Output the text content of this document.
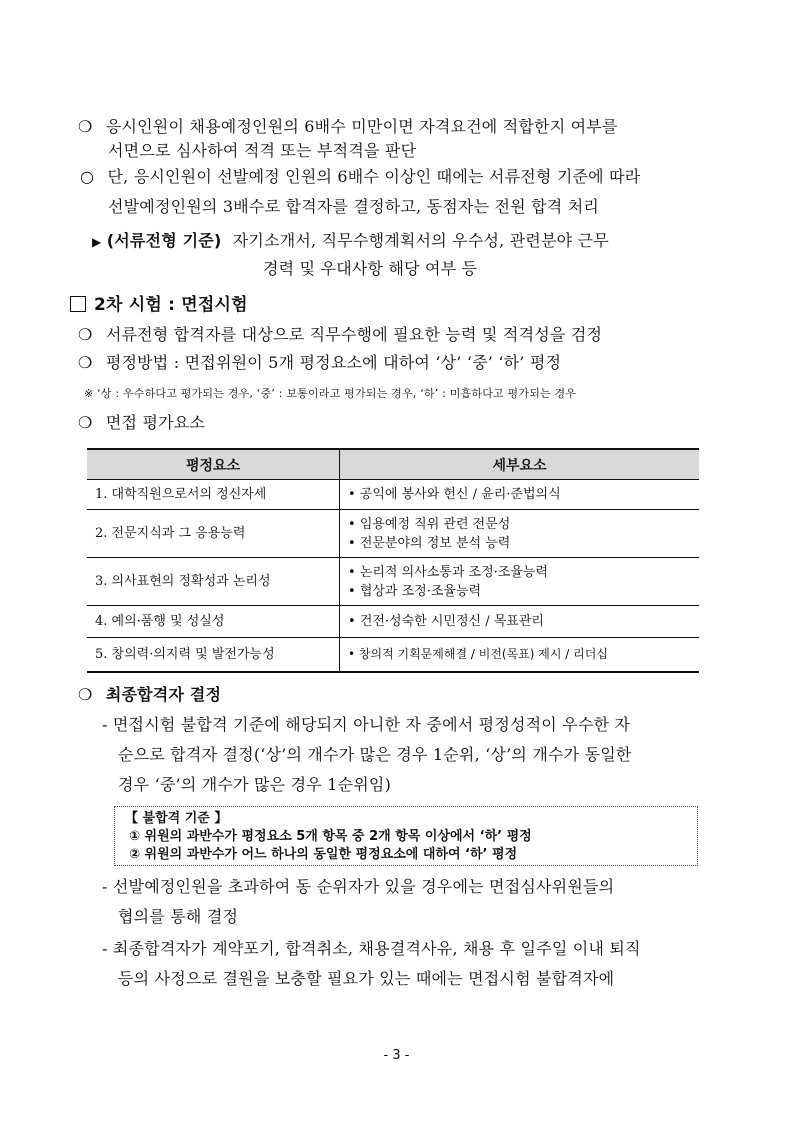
❍ 응시인원이 채용예정인원의 6배수 미만이면 자격요건에 적합한지 여부를
서면으로 심사하여 적격 또는 부적격을 판단
○ 단, 응시인원이 선발예정 인원의 6배수 이상인 때에는 서류전형 기준에 따라
선발예정인원의 3배수로 합격자를 결정하고, 동점자는 전원 합격 처리
▶ (서류전형 기준) 자기소개서, 직무수행계획서의 우수성, 관련분야 근무
경력 및 우대사항 해당 여부 등
2차 시험 : 면접시험
❍ 서류전형 합격자를 대상으로 직무수행에 필요한 능력 및 적격성을 검정
❍ 평정방법 : 면접위원이 5개 평정요소에 대하여 ‘상’ ‘중’ ‘하’ 평정
※ ‘상 : 우수하다고 평가되는 경우, ‘중’ : 보통이라고 평가되는 경우, ‘하’ : 미흡하다고 평가되는 경우
❍ 면접 평가요소
평정요소	세부요소
1. 대학직원으로서의 정신자세	• 공익에 봉사와 헌신 / 윤리·준법의식

2. 전문지식과 그 응용능력	• 임용예정 직위 관련 전문성
• 전문분야의 정보 분석 능력

3. 의사표현의 정확성과 논리성	• 논리적 의사소통과 조정·조율능력
• 협상과 조정·조율능력

4. 예의·품행 및 성실성	• 건전·성숙한 시민정신 / 목표관리

5. 창의력·의지력 및 발전가능성	• 창의적 기획문제해결 / 비전(목표) 제시 / 리더십
❍ 최종합격자 결정
- 면접시험 불합격 기준에 해당되지 아니한 자 중에서 평정성적이 우수한 자
순으로 합격자 결정(‘상’의 개수가 많은 경우 1순위, ‘상’의 개수가 동일한
경우 ‘중’의 개수가 많은 경우 1순위임)
【 불합격 기준 】
① 위원의 과반수가 평정요소 5개 항목 중 2개 항목 이상에서 ‘하’ 평정
② 위원의 과반수가 어느 하나의 동일한 평정요소에 대하여 ‘하’ 평정
- 선발예정인원을 초과하여 동 순위자가 있을 경우에는 면접심사위원들의
협의를 통해 결정
- 최종합격자가 계약포기, 합격취소, 채용결격사유, 채용 후 일주일 이내 퇴직
등의 사정으로 결원을 보충할 필요가 있는 때에는 면접시험 불합격자에
- 3 -
